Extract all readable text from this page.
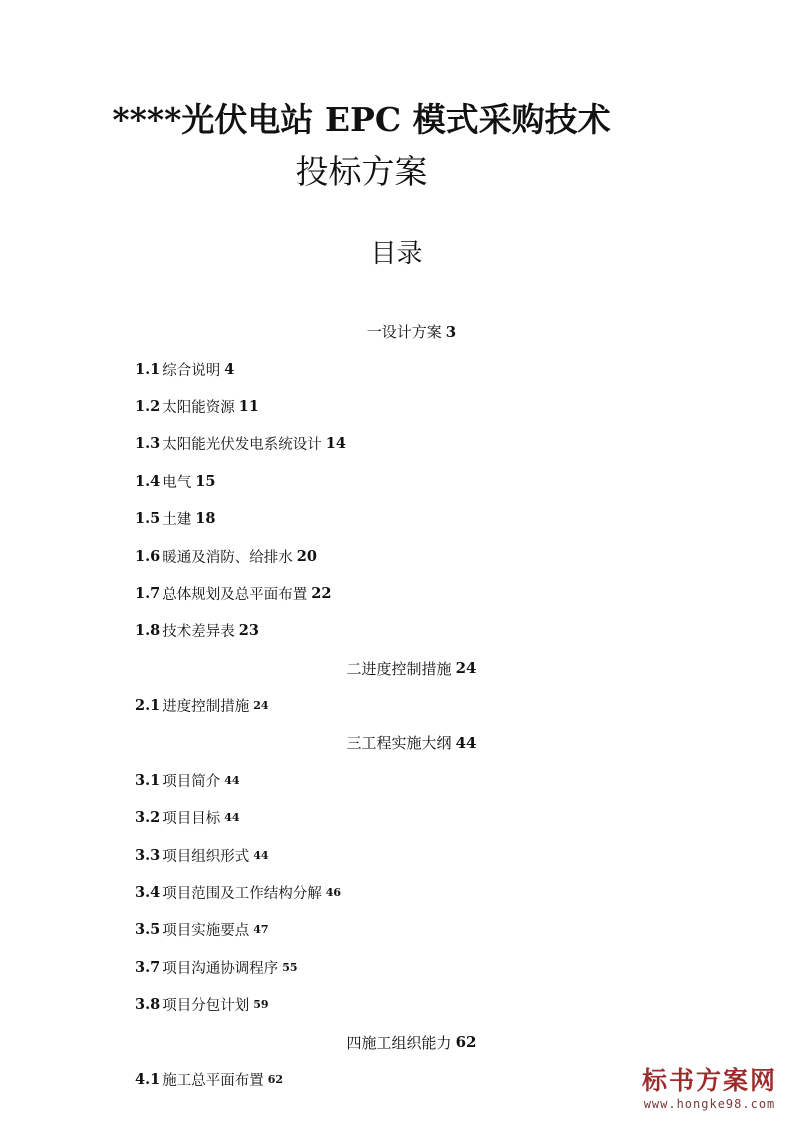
****光伏电站 EPC 模式采购技术
投标方案
目录
一设计方案 3
1.1 综合说明 4
1.2 太阳能资源 11
1.3 太阳能光伏发电系统设计 14
1.4 电气 15
1.5 土建 18
1.6 暖通及消防、给排水 20
1.7 总体规划及总平面布置 22
1.8 技术差异表 23
二进度控制措施 24
2.1 进度控制措施 24
三工程实施大纲 44
3.1 项目简介 44
3.2 项目目标 44
3.3 项目组织形式 44
3.4 项目范围及工作结构分解 46
3.5 项目实施要点 47
3.7 项目沟通协调程序 55
3.8 项目分包计划 59
四施工组织能力 62
4.1 施工总平面布置 62	标书方案网
www.hongke98.com
